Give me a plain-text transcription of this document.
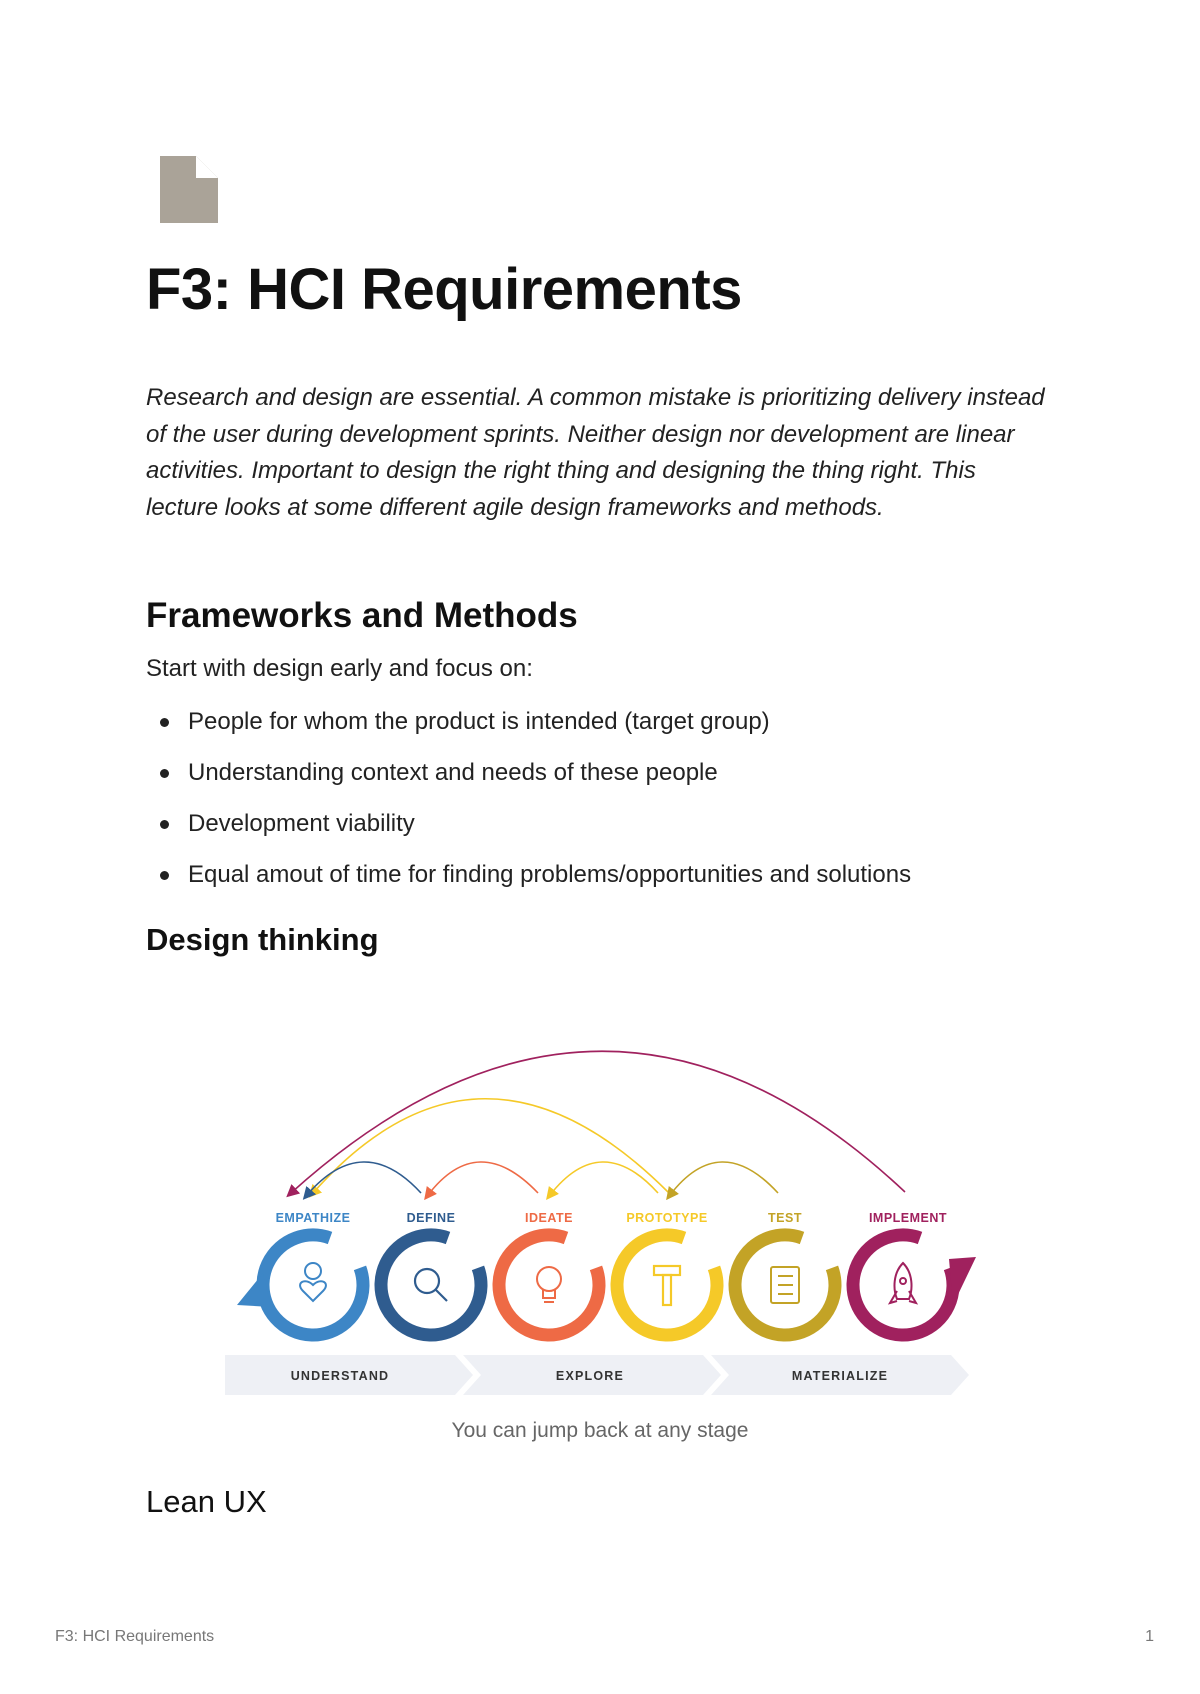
F3: HCI Requirements

Research and design are essential. A common mistake is prioritizing delivery instead of the user during development sprints. Neither design nor development are linear activities. Important to design the right thing and designing the thing right. This lecture looks at some different agile design frameworks and methods.

Frameworks and Methods

Start with design early and focus on:

People for whom the product is intended (target group)
Understanding context and needs of these people
Development viability
Equal amout of time for finding problems/opportunities and solutions
Design thinking
EMPATHIZE	DEFINE	IDEATE	PROTOTYPE	TEST	IMPLEMENT
UNDERSTAND	EXPLORE	MATERIALIZE

You can jump back at any stage

Lean UX
F3: HCI Requirements	1
